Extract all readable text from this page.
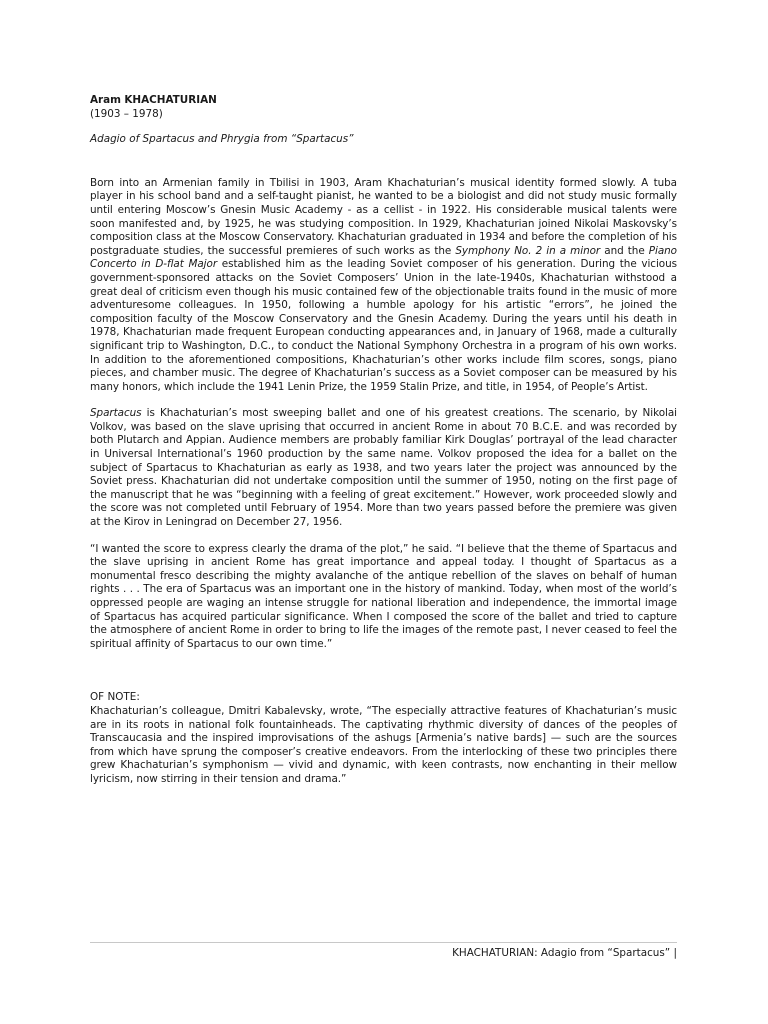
Aram KHACHATURIAN
(1903 – 1978)
Adagio of Spartacus and Phrygia from “Spartacus”

Born into an Armenian family in Tbilisi in 1903, Aram Khachaturian’s musical identity formed slowly. A tuba player in his school band and a self-taught pianist, he wanted to be a biologist and did not study music formally until entering Moscow’s Gnesin Music Academy - as a cellist - in 1922. His considerable musical talents were soon manifested and, by 1925, he was studying composition. In 1929, Khachaturian joined Nikolai Maskovsky’s composition class at the Moscow Conservatory. Khachaturian graduated in 1934 and before the completion of his postgraduate studies, the successful premieres of such works as the Symphony No. 2 in a minor and the Piano Concerto in D-flat Major established him as the leading Soviet composer of his generation. During the vicious government-sponsored attacks on the Soviet Composers’ Union in the late-1940s, Khachaturian withstood a great deal of criticism even though his music contained few of the objectionable traits found in the music of more adventuresome colleagues. In 1950, following a humble apology for his artistic “errors”, he joined the composition faculty of the Moscow Conservatory and the Gnesin Academy. During the years until his death in 1978, Khachaturian made frequent European conducting appearances and, in January of 1968, made a culturally significant trip to Washington, D.C., to conduct the National Symphony Orchestra in a program of his own works. In addition to the aforementioned compositions, Khachaturian’s other works include film scores, songs, piano pieces, and chamber music. The degree of Khachaturian’s success as a Soviet composer can be measured by his many honors, which include the 1941 Lenin Prize, the 1959 Stalin Prize, and title, in 1954, of People’s Artist.

Spartacus is Khachaturian’s most sweeping ballet and one of his greatest creations. The scenario, by Nikolai Volkov, was based on the slave uprising that occurred in ancient Rome in about 70 B.C.E. and was recorded by both Plutarch and Appian. Audience members are probably familiar Kirk Douglas’ portrayal of the lead character in Universal International’s 1960 production by the same name. Volkov proposed the idea for a ballet on the subject of Spartacus to Khachaturian as early as 1938, and two years later the project was announced by the Soviet press. Khachaturian did not undertake composition until the summer of 1950, noting on the first page of the manuscript that he was “beginning with a feeling of great excitement.” However, work proceeded slowly and the score was not completed until February of 1954. More than two years passed before the premiere was given at the Kirov in Leningrad on December 27, 1956.

“I wanted the score to express clearly the drama of the plot,” he said. “I believe that the theme of Spartacus and the slave uprising in ancient Rome has great importance and appeal today. I thought of Spartacus as a monumental fresco describing the mighty avalanche of the antique rebellion of the slaves on behalf of human rights . . . The era of Spartacus was an important one in the history of mankind. Today, when most of the world’s oppressed people are waging an intense struggle for national liberation and independence, the immortal image of Spartacus has acquired particular significance. When I composed the score of the ballet and tried to capture the atmosphere of ancient Rome in order to bring to life the images of the remote past, I never ceased to feel the spiritual affinity of Spartacus to our own time.”

OF NOTE:

Khachaturian’s colleague, Dmitri Kabalevsky, wrote, “The especially attractive features of Khachaturian’s music are in its roots in national folk fountainheads. The captivating rhythmic diversity of dances of the peoples of Transcaucasia and the inspired improvisations of the ashugs [Armenia’s native bards] — such are the sources from which have sprung the composer’s creative endeavors. From the interlocking of these two principles there grew Khachaturian’s symphonism — vivid and dynamic, with keen contrasts, now enchanting in their mellow lyricism, now stirring in their tension and drama.”

KHACHATURIAN: Adagio from “Spartacus” |
